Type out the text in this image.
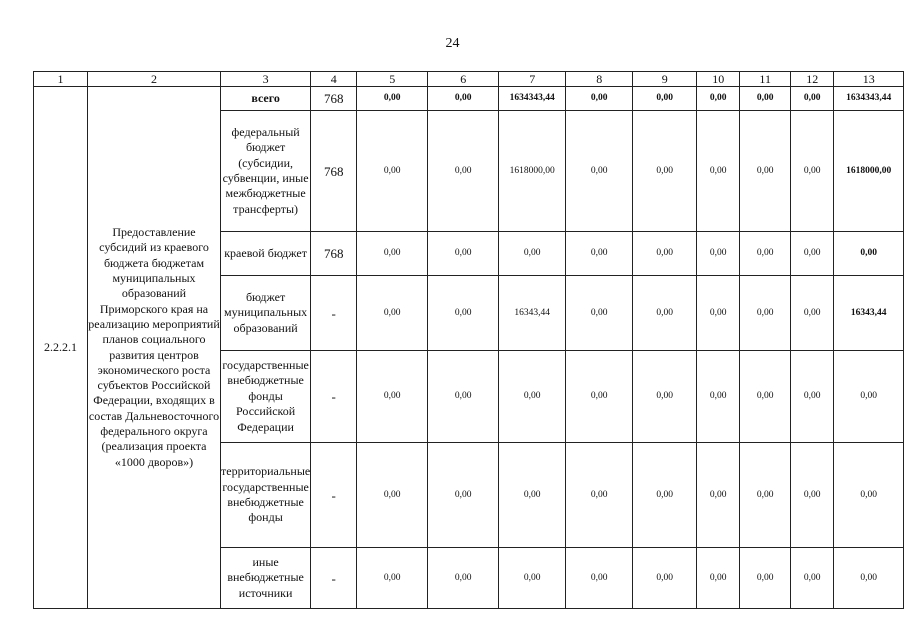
24
1	2	3	4	5	6	7	8	9	10	11	12	13
2.2.2.1	Предоставление субсидий из краевого бюджета бюджетам муниципальных образований Приморского края на реализацию мероприятий планов социального развития центров экономического роста субъектов Российской Федерации, входящих в состав Дальневосточного федерального округа (реализация проекта «1000 дворов»)	всего	768	0,00	0,00	1634343,44	0,00	0,00	0,00	0,00	0,00	1634343,44
		федеральный бюджет (субсидии, субвенции, иные межбюджетные трансферты)	768	0,00	0,00	1618000,00	0,00	0,00	0,00	0,00	0,00	1618000,00
		краевой бюджет	768	0,00	0,00	0,00	0,00	0,00	0,00	0,00	0,00	0,00
		бюджет муниципальных образований	-	0,00	0,00	16343,44	0,00	0,00	0,00	0,00	0,00	16343,44
		государственные внебюджетные фонды Российской Федерации	-	0,00	0,00	0,00	0,00	0,00	0,00	0,00	0,00	0,00
		территориальные государственные внебюджетные фонды	-	0,00	0,00	0,00	0,00	0,00	0,00	0,00	0,00	0,00
		иные внебюджетные источники	-	0,00	0,00	0,00	0,00	0,00	0,00	0,00	0,00	0,00
